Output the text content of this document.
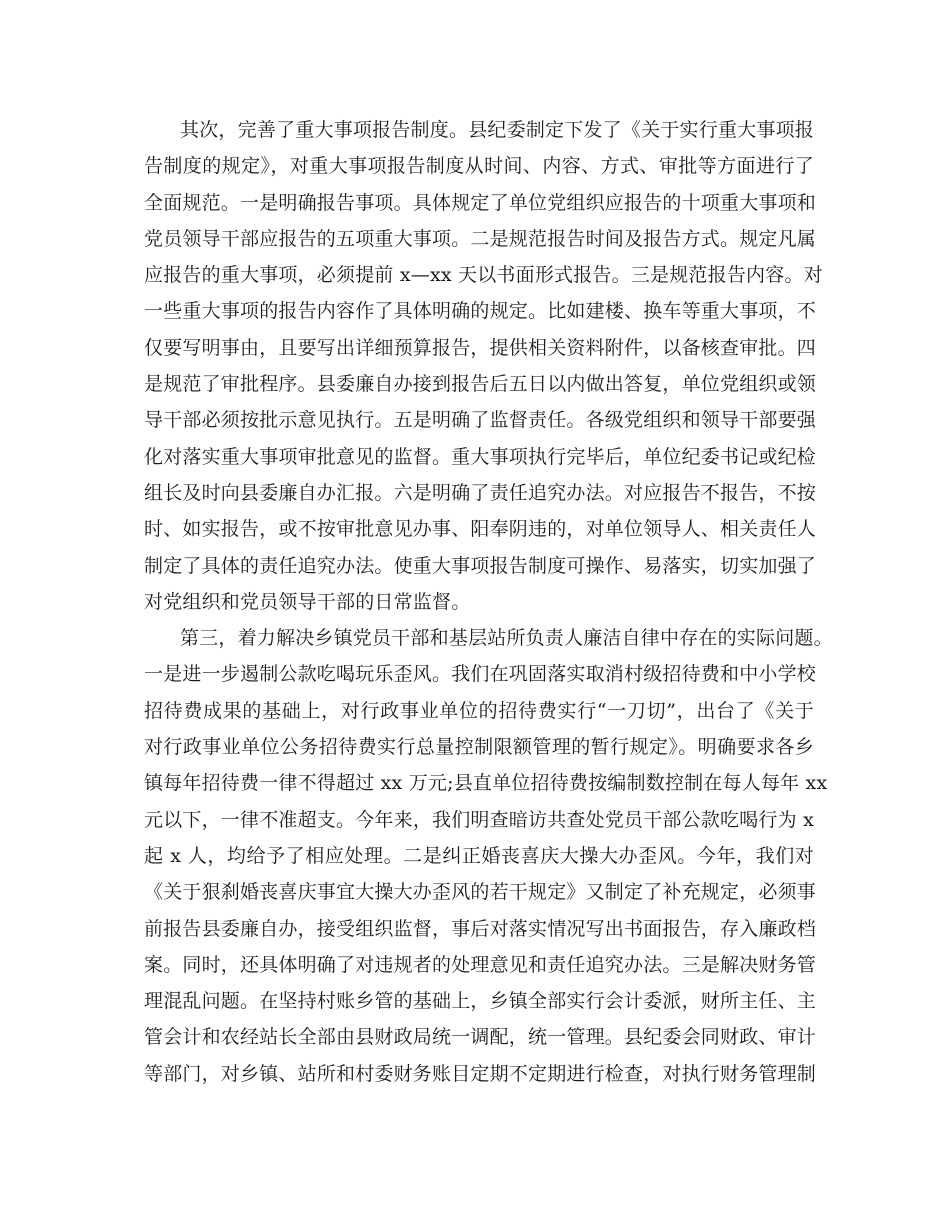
其次，完善了重大事项报告制度。县纪委制定下发了《关于实行重大事项报
告制度的规定》，对重大事项报告制度从时间、内容、方式、审批等方面进行了
全面规范。一是明确报告事项。具体规定了单位党组织应报告的十项重大事项和
党员领导干部应报告的五项重大事项。二是规范报告时间及报告方式。规定凡属
应报告的重大事项，必须提前 x—xx 天以书面形式报告。三是规范报告内容。对
一些重大事项的报告内容作了具体明确的规定。比如建楼、换车等重大事项，不
仅要写明事由，且要写出详细预算报告，提供相关资料附件，以备核查审批。四
是规范了审批程序。县委廉自办接到报告后五日以内做出答复，单位党组织或领
导干部必须按批示意见执行。五是明确了监督责任。各级党组织和领导干部要强
化对落实重大事项审批意见的监督。重大事项执行完毕后，单位纪委书记或纪检
组长及时向县委廉自办汇报。六是明确了责任追究办法。对应报告不报告，不按
时、如实报告，或不按审批意见办事、阳奉阴违的，对单位领导人、相关责任人
制定了具体的责任追究办法。使重大事项报告制度可操作、易落实，切实加强了
对党组织和党员领导干部的日常监督。
第三，着力解决乡镇党员干部和基层站所负责人廉洁自律中存在的实际问题。
一是进一步遏制公款吃喝玩乐歪风。我们在巩固落实取消村级招待费和中小学校
招待费成果的基础上，对行政事业单位的招待费实行“一刀切”，出台了《关于
对行政事业单位公务招待费实行总量控制限额管理的暂行规定》。明确要求各乡
镇每年招待费一律不得超过 xx 万元;县直单位招待费按编制数控制在每人每年 xx
元以下，一律不准超支。今年来，我们明查暗访共查处党员干部公款吃喝行为 x
起 x 人，均给予了相应处理。二是纠正婚丧喜庆大操大办歪风。今年，我们对
《关于狠刹婚丧喜庆事宜大操大办歪风的若干规定》又制定了补充规定，必须事
前报告县委廉自办，接受组织监督，事后对落实情况写出书面报告，存入廉政档
案。同时，还具体明确了对违规者的处理意见和责任追究办法。三是解决财务管
理混乱问题。在坚持村账乡管的基础上，乡镇全部实行会计委派，财所主任、主
管会计和农经站长全部由县财政局统一调配，统一管理。县纪委会同财政、审计
等部门，对乡镇、站所和村委财务账目定期不定期进行检查，对执行财务管理制
